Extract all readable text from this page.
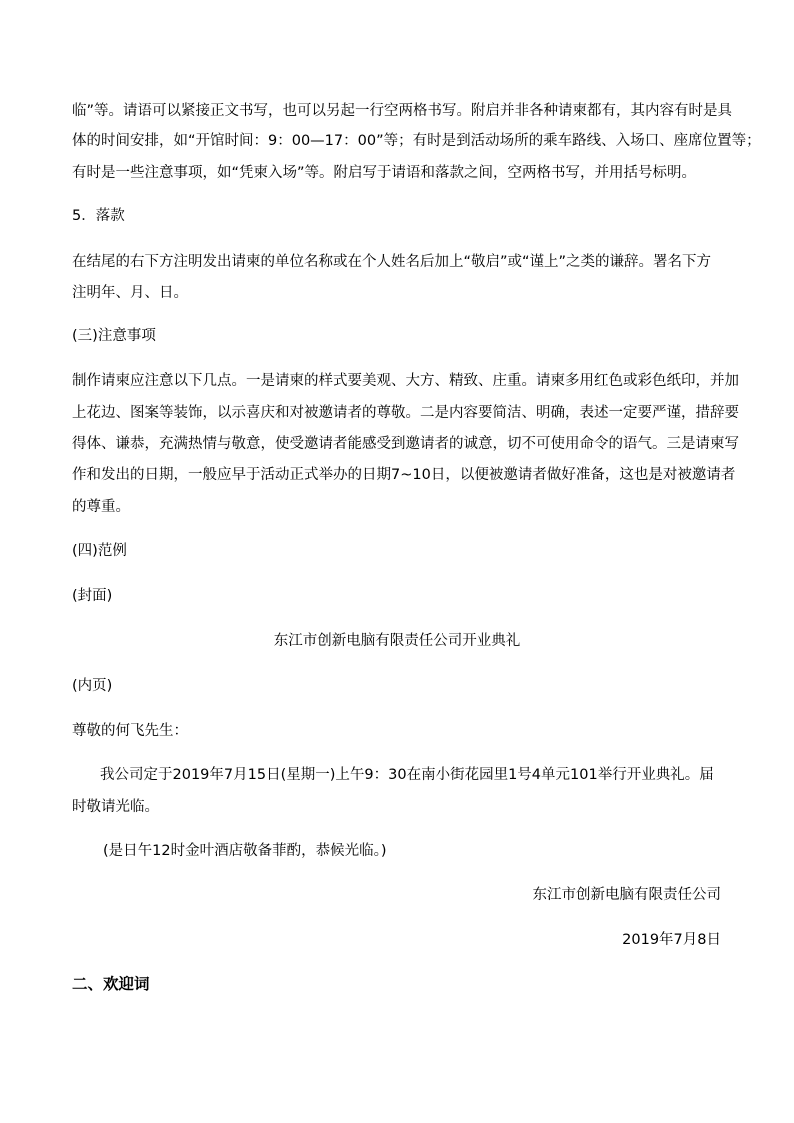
临”等。请语可以紧接正文书写，也可以另起一行空两格书写。附启并非各种请柬都有，其内容有时是具
体的时间安排，如“开馆时间：9：00—17：00”等；有时是到活动场所的乘车路线、入场口、座席位置等；
有时是一些注意事项，如“凭柬入场”等。附启写于请语和落款之间，空两格书写，并用括号标明。
5．落款
在结尾的右下方注明发出请柬的单位名称或在个人姓名后加上“敬启”或“谨上”之类的谦辞。署名下方
注明年、月、日。
(三)注意事项
制作请柬应注意以下几点。一是请柬的样式要美观、大方、精致、庄重。请柬多用红色或彩色纸印，并加
上花边、图案等装饰，以示喜庆和对被邀请者的尊敬。二是内容要简洁、明确，表述一定要严谨，措辞要
得体、谦恭，充满热情与敬意，使受邀请者能感受到邀请者的诚意，切不可使用命令的语气。三是请柬写
作和发出的日期，一般应早于活动正式举办的日期7~10日，以便被邀请者做好准备，这也是对被邀请者
的尊重。
(四)范例
(封面)
东江市创新电脑有限责任公司开业典礼
(内页)
尊敬的何飞先生：
我公司定于2019年7月15日(星期一)上午9：30在南小街花园里1号4单元101举行开业典礼。届
时敬请光临。
(是日午12时金叶酒店敬备菲酌，恭候光临。)
东江市创新电脑有限责任公司
2019年7月8日
二、欢迎词
